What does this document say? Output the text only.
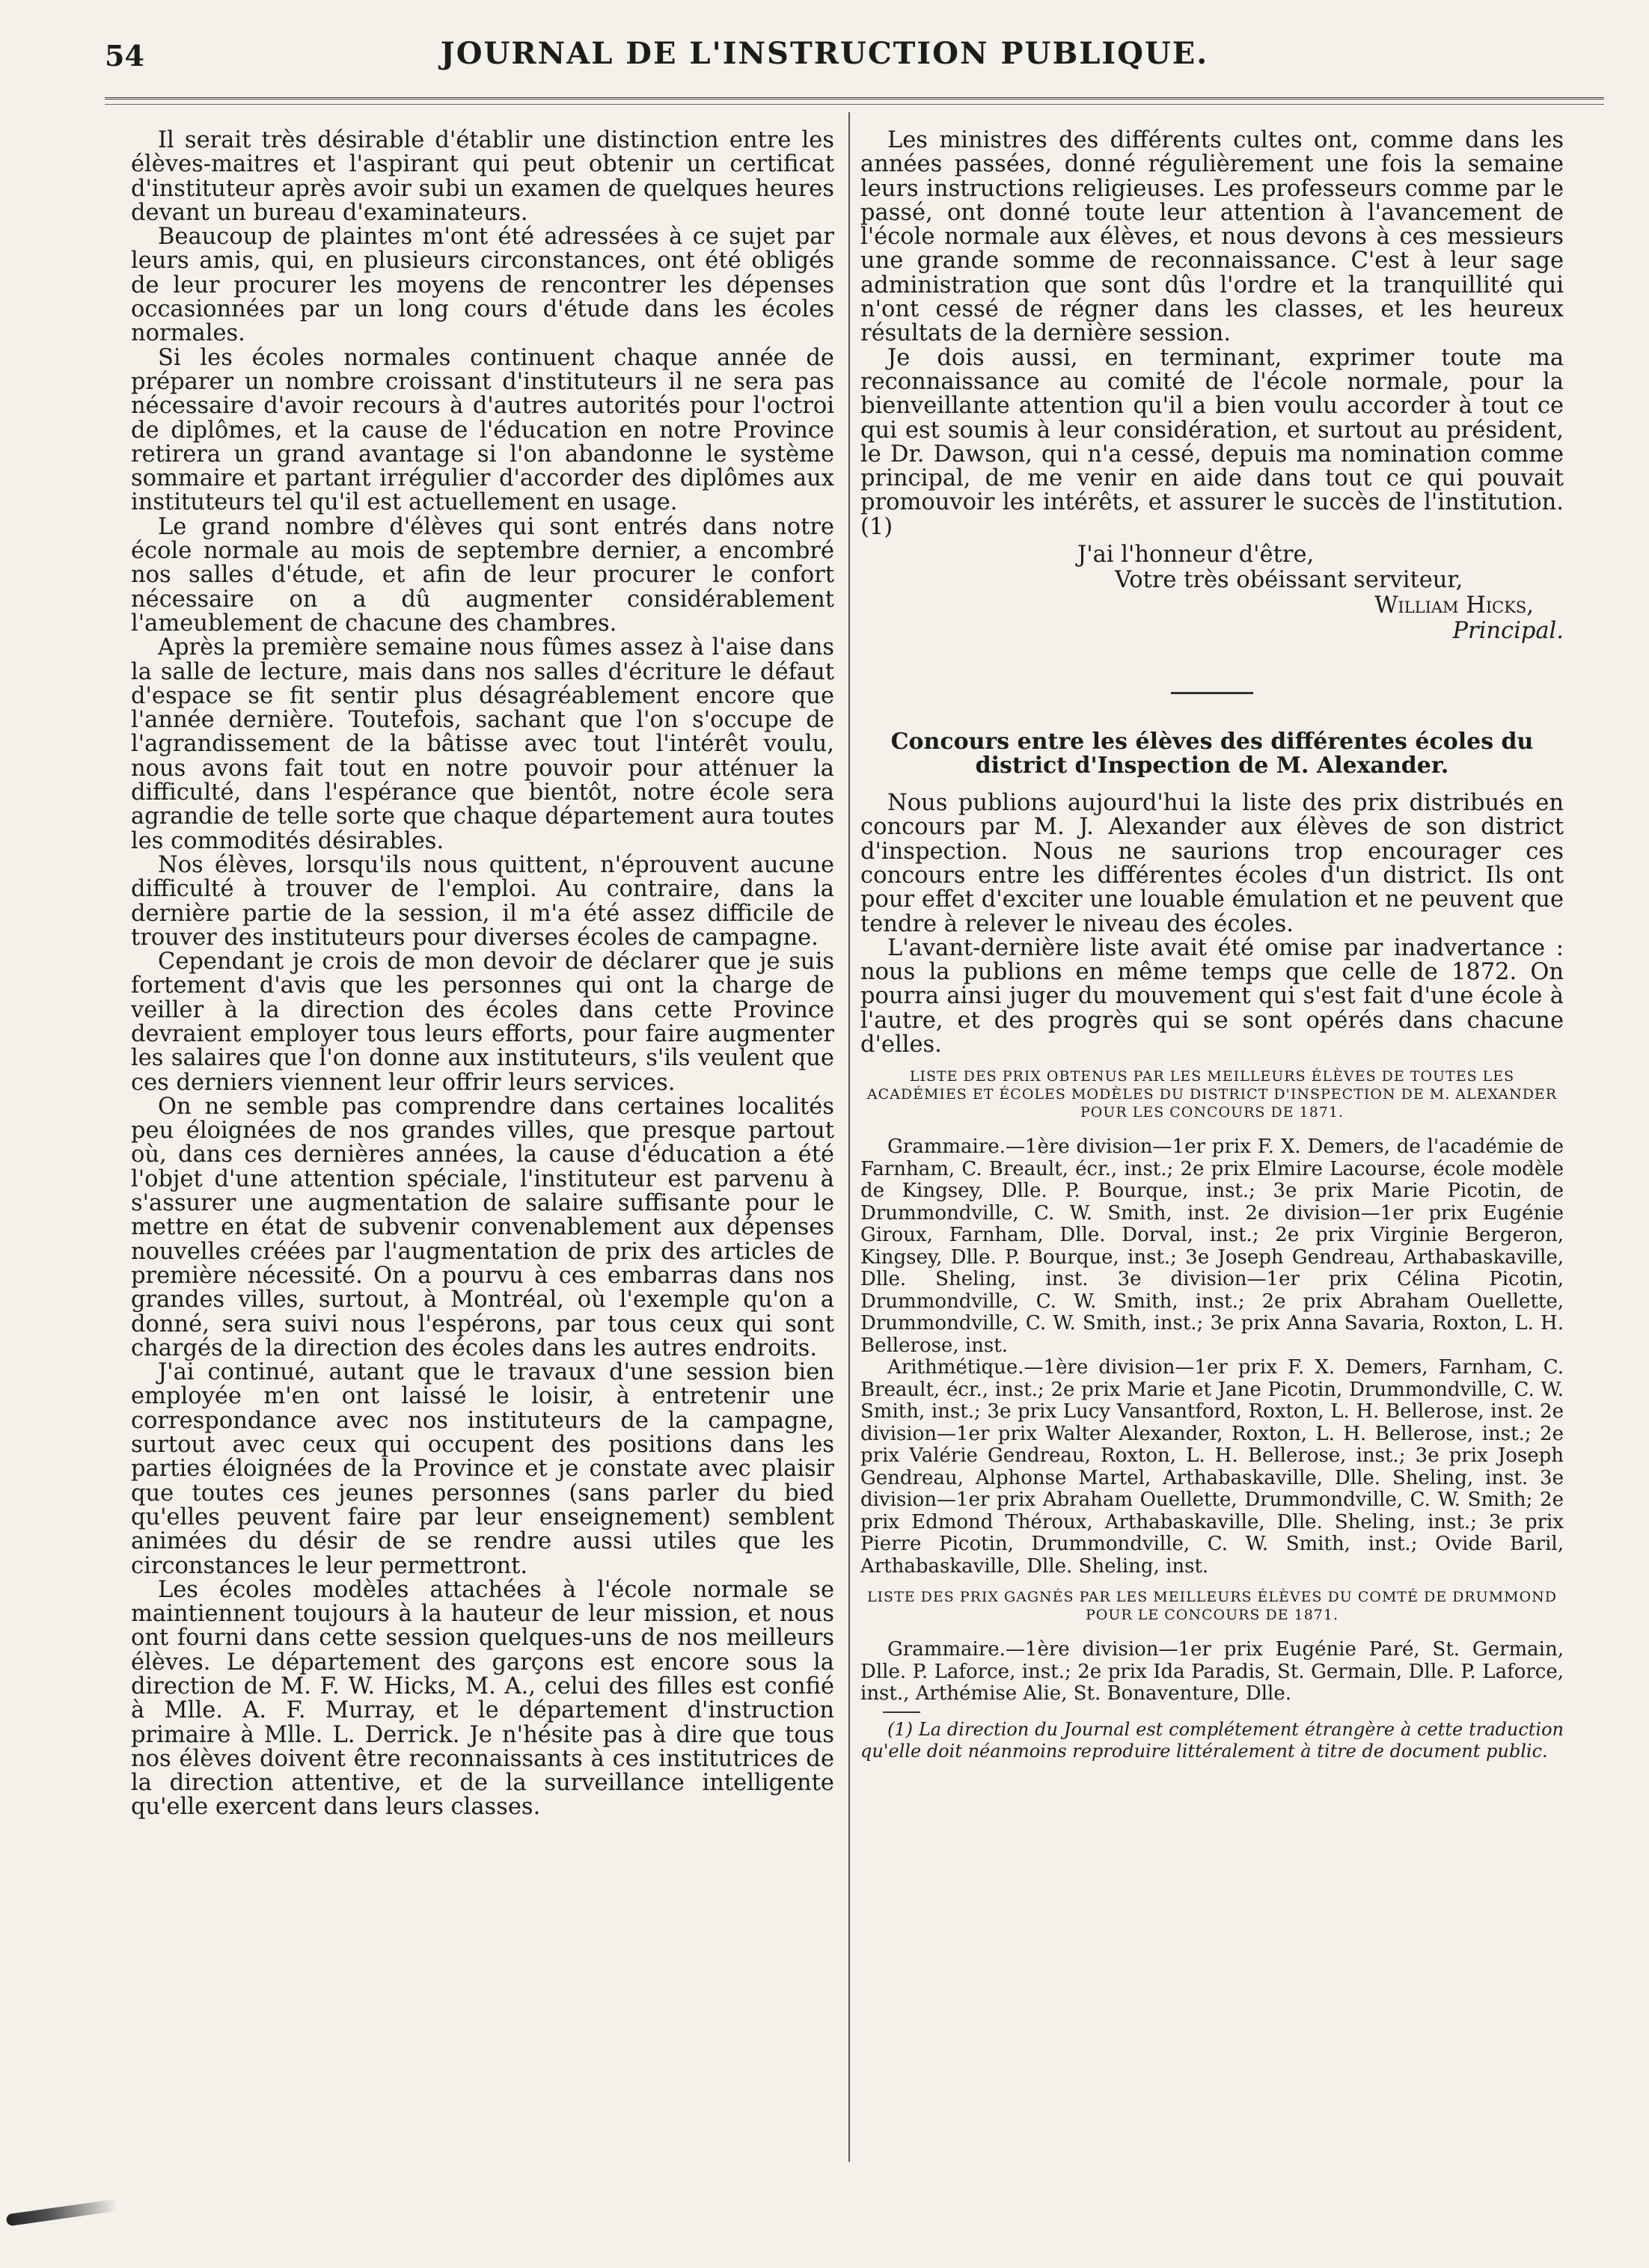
54	JOURNAL DE L'INSTRUCTION PUBLIQUE.

Il serait très désirable d'établir une distinction entre les élèves-maitres et l'aspirant qui peut obtenir un certificat d'instituteur après avoir subi un examen de quelques heures devant un bureau d'examinateurs.

Beaucoup de plaintes m'ont été adressées à ce sujet par leurs amis, qui, en plusieurs circonstances, ont été obligés de leur procurer les moyens de rencontrer les dépenses occasionnées par un long cours d'étude dans les écoles normales.

Si les écoles normales continuent chaque année de préparer un nombre croissant d'instituteurs il ne sera pas nécessaire d'avoir recours à d'autres autorités pour l'octroi de diplômes, et la cause de l'éducation en notre Province retirera un grand avantage si l'on abandonne le système sommaire et partant irrégulier d'accorder des diplômes aux instituteurs tel qu'il est actuellement en usage.

Le grand nombre d'élèves qui sont entrés dans notre école normale au mois de septembre dernier, a encombré nos salles d'étude, et afin de leur procurer le confort nécessaire on a dû augmenter considérablement l'ameublement de chacune des chambres.

Après la première semaine nous fûmes assez à l'aise dans la salle de lecture, mais dans nos salles d'écriture le défaut d'espace se fit sentir plus désagréablement encore que l'année dernière. Toutefois, sachant que l'on s'occupe de l'agrandissement de la bâtisse avec tout l'intérêt voulu, nous avons fait tout en notre pouvoir pour atténuer la difficulté, dans l'espérance que bientôt, notre école sera agrandie de telle sorte que chaque département aura toutes les commodités désirables.

Nos élèves, lorsqu'ils nous quittent, n'éprouvent aucune difficulté à trouver de l'emploi. Au contraire, dans la dernière partie de la session, il m'a été assez difficile de trouver des instituteurs pour diverses écoles de campagne.

Cependant je crois de mon devoir de déclarer que je suis fortement d'avis que les personnes qui ont la charge de veiller à la direction des écoles dans cette Province devraient employer tous leurs efforts, pour faire augmenter les salaires que l'on donne aux instituteurs, s'ils veulent que ces derniers viennent leur offrir leurs services.

On ne semble pas comprendre dans certaines localités peu éloignées de nos grandes villes, que presque partout où, dans ces dernières années, la cause d'éducation a été l'objet d'une attention spéciale, l'instituteur est parvenu à s'assurer une augmentation de salaire suffisante pour le mettre en état de subvenir convenablement aux dépenses nouvelles créées par l'augmentation de prix des articles de première nécessité. On a pourvu à ces embarras dans nos grandes villes, surtout, à Montréal, où l'exemple qu'on a donné, sera suivi nous l'espérons, par tous ceux qui sont chargés de la direction des écoles dans les autres endroits.

J'ai continué, autant que le travaux d'une session bien employée m'en ont laissé le loisir, à entretenir une correspondance avec nos instituteurs de la campagne, surtout avec ceux qui occupent des positions dans les parties éloignées de la Province et je constate avec plaisir que toutes ces jeunes personnes (sans parler du bied qu'elles peuvent faire par leur enseignement) semblent animées du désir de se rendre aussi utiles que les circonstances le leur permettront.

Les écoles modèles attachées à l'école normale se maintiennent toujours à la hauteur de leur mission, et nous ont fourni dans cette session quelques-uns de nos meilleurs élèves. Le département des garçons est encore sous la direction de M. F. W. Hicks, M. A., celui des filles est confié à Mlle. A. F. Murray, et le département d'instruction primaire à Mlle. L. Derrick. Je n'hésite pas à dire que tous nos élèves doivent être reconnaissants à ces institutrices de la direction attentive, et de la surveillance intelligente qu'elle exercent dans leurs classes.

Les ministres des différents cultes ont, comme dans les années passées, donné régulièrement une fois la semaine leurs instructions religieuses. Les professeurs comme par le passé, ont donné toute leur attention à l'avancement de l'école normale aux élèves, et nous devons à ces messieurs une grande somme de reconnaissance. C'est à leur sage administration que sont dûs l'ordre et la tranquillité qui n'ont cessé de régner dans les classes, et les heureux résultats de la dernière session.

Je dois aussi, en terminant, exprimer toute ma reconnaissance au comité de l'école normale, pour la bienveillante attention qu'il a bien voulu accorder à tout ce qui est soumis à leur considération, et surtout au président, le Dr. Dawson, qui n'a cessé, depuis ma nomination comme principal, de me venir en aide dans tout ce qui pouvait promouvoir les intérêts, et assurer le succès de l'institution.(1)

J'ai l'honneur d'être,
Votre très obéissant serviteur,
William Hicks,
Principal.
Concours entre les élèves des différentes écoles du district d'Inspection de M. Alexander.

Nous publions aujourd'hui la liste des prix distribués en concours par M. J. Alexander aux élèves de son district d'inspection. Nous ne saurions trop encourager ces concours entre les différentes écoles d'un district. Ils ont pour effet d'exciter une louable émulation et ne peuvent que tendre à relever le niveau des écoles.

L'avant-dernière liste avait été omise par inadvertance : nous la publions en même temps que celle de 1872. On pourra ainsi juger du mouvement qui s'est fait d'une école à l'autre, et des progrès qui se sont opérés dans chacune d'elles.

LISTE DES PRIX OBTENUS PAR LES MEILLEURS ÉLÈVES DE TOUTES LES ACADÉMIES ET ÉCOLES MODÈLES DU DISTRICT D'INSPECTION DE M. ALEXANDER POUR LES CONCOURS DE 1871.

Grammaire.—1ère division—1er prix F. X. Demers, de l'académie de Farnham, C. Breault, écr., inst.; 2e prix Elmire Lacourse, école modèle de Kingsey, Dlle. P. Bourque, inst.; 3e prix Marie Picotin, de Drummondville, C. W. Smith, inst. 2e division—1er prix Eugénie Giroux, Farnham, Dlle. Dorval, inst.; 2e prix Virginie Bergeron, Kingsey, Dlle. P. Bourque, inst.; 3e Joseph Gendreau, Arthabaskaville, Dlle. Sheling, inst. 3e division—1er prix Célina Picotin, Drummondville, C. W. Smith, inst.; 2e prix Abraham Ouellette, Drummondville, C. W. Smith, inst.; 3e prix Anna Savaria, Roxton, L. H. Bellerose, inst.

Arithmétique.—1ère division—1er prix F. X. Demers, Farnham, C. Breault, écr., inst.; 2e prix Marie et Jane Picotin, Drummondville, C. W. Smith, inst.; 3e prix Lucy Vansantford, Roxton, L. H. Bellerose, inst. 2e division—1er prix Walter Alexander, Roxton, L. H. Bellerose, inst.; 2e prix Valérie Gendreau, Roxton, L. H. Bellerose, inst.; 3e prix Joseph Gendreau, Alphonse Martel, Arthabaskaville, Dlle. Sheling, inst. 3e division—1er prix Abraham Ouellette, Drummondville, C. W. Smith; 2e prix Edmond Théroux, Arthabaskaville, Dlle. Sheling, inst.; 3e prix Pierre Picotin, Drummondville, C. W. Smith, inst.; Ovide Baril, Arthabaskaville, Dlle. Sheling, inst.

LISTE DES PRIX GAGNÉS PAR LES MEILLEURS ÉLÈVES DU COMTÉ DE DRUMMOND POUR LE CONCOURS DE 1871.

Grammaire.—1ère division—1er prix Eugénie Paré, St. Germain, Dlle. P. Laforce, inst.; 2e prix Ida Paradis, St. Germain, Dlle. P. Laforce, inst., Arthémise Alie, St. Bonaventure, Dlle.

(1) La direction du Journal est complétement étrangère à cette traduction qu'elle doit néanmoins reproduire littéralement à titre de document public.
